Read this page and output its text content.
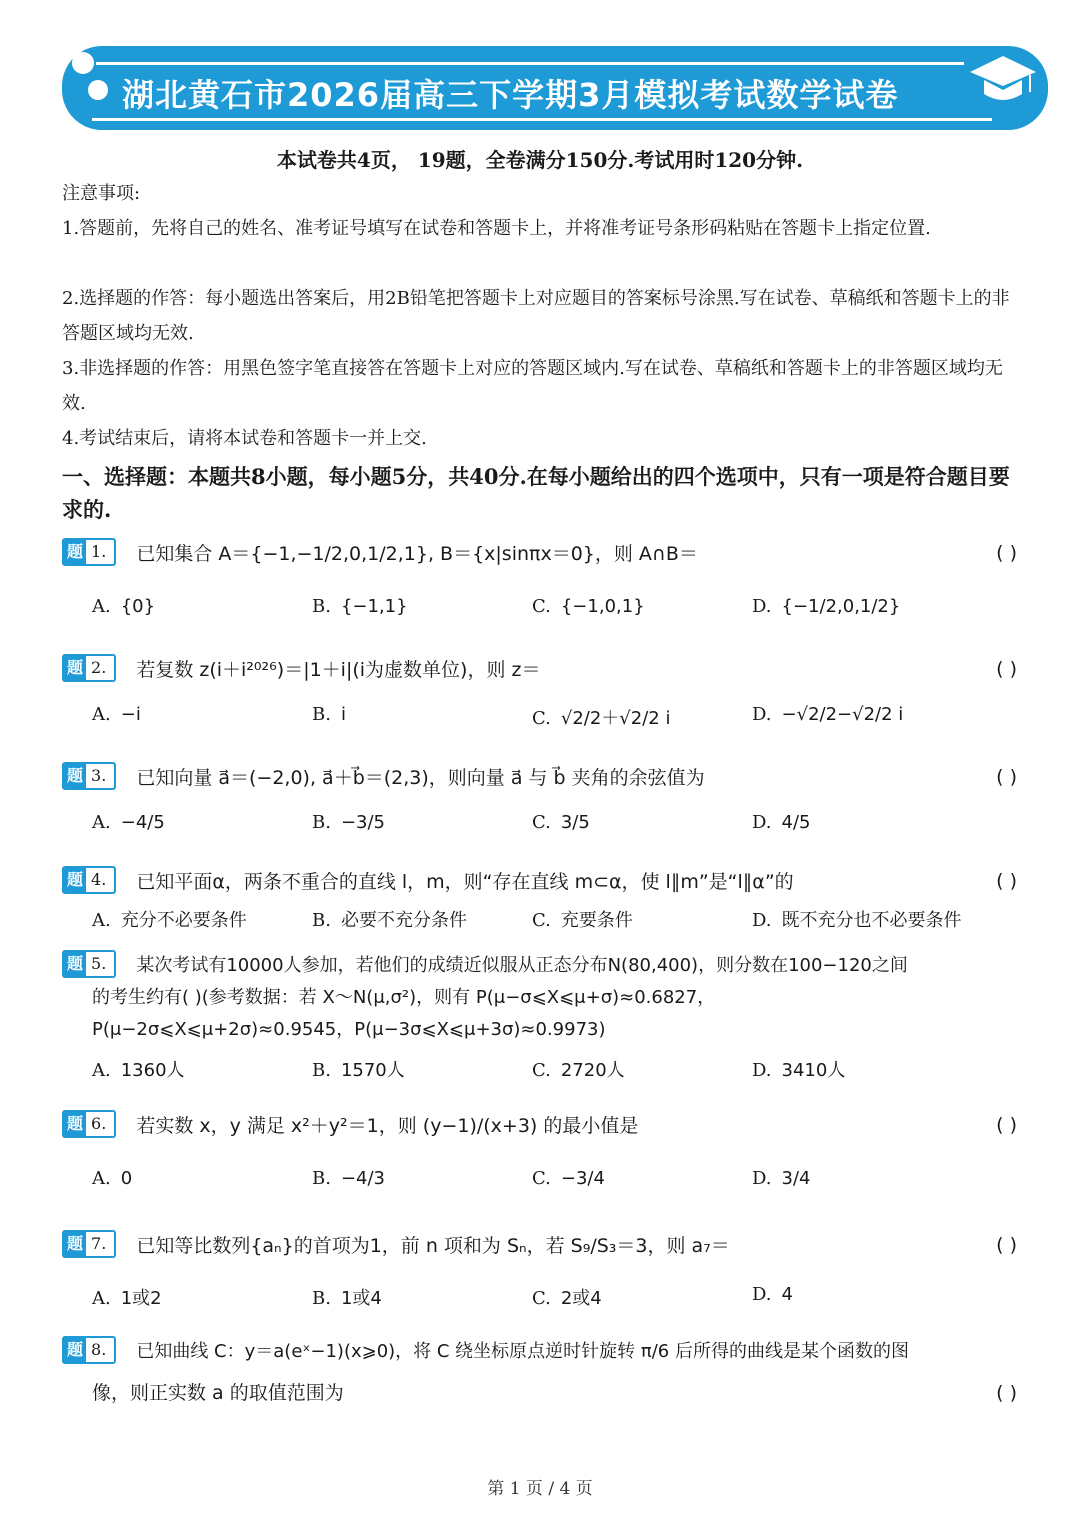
湖北黄石市2026届高三下学期3月模拟考试数学试卷
本试卷共4页， 19题，全卷满分150分.考试用时120分钟.
注意事项:
1.答题前，先将自己的姓名、准考证号填写在试卷和答题卡上，并将准考证号条形码粘贴在答题卡上指定位置.
2.选择题的作答：每小题选出答案后，用2B铅笔把答题卡上对应题目的答案标号涂黑.写在试卷、草稿纸和答题卡上的非答题区域均无效.
3.非选择题的作答：用黑色签字笔直接答在答题卡上对应的答题区域内.写在试卷、草稿纸和答题卡上的非答题区域均无效.
4.考试结束后，请将本试卷和答题卡一并上交.
一、选择题：本题共8小题，每小题5分，共40分.在每小题给出的四个选项中，只有一项是符合题目要求的.
题 1. 已知集合 A＝{−1,−1/2,0,1/2,1}, B＝{x|sinπx＝0}，则 A∩B＝	( )
A. {0}	B. {−1,1}	C. {−1,0,1}	D. {−1/2,0,1/2}
题 2. 若复数 z(i＋i²⁰²⁶)＝|1＋i|(i为虚数单位)，则 z＝	( )
A. −i	B. i	C. √2/2＋√2/2 i	D. −√2/2−√2/2 i
题 3. 已知向量 a⃗＝(−2,0), a⃗＋b⃗＝(2,3)，则向量 a⃗ 与 b⃗ 夹角的余弦值为	( )
A. −4/5	B. −3/5	C. 3/5	D. 4/5
题 4. 已知平面α，两条不重合的直线 l，m，则“存在直线 m⊂α，使 l∥m”是“l∥α”的	( )
A. 充分不必要条件	B. 必要不充分条件	C. 充要条件	D. 既不充分也不必要条件
题 5. 某次考试有10000人参加，若他们的成绩近似服从正态分布N(80,400)，则分数在100−120之间
的考生约有( )(参考数据：若 X～N(μ,σ²)，则有 P(μ−σ⩽X⩽μ+σ)≈0.6827，
P(μ−2σ⩽X⩽μ+2σ)≈0.9545，P(μ−3σ⩽X⩽μ+3σ)≈0.9973)
A. 1360人	B. 1570人	C. 2720人	D. 3410人
题 6. 若实数 x，y 满足 x²＋y²＝1，则 (y−1)/(x+3) 的最小值是	( )
A. 0	B. −4/3	C. −3/4	D. 3/4
题 7. 已知等比数列{aₙ}的首项为1，前 n 项和为 Sₙ，若 S₉/S₃＝3，则 a₇＝	( )
A. 1或2	B. 1或4	C. 2或4	D. 4
题 8. 已知曲线 C：y＝a(eˣ−1)(x⩾0)，将 C 绕坐标原点逆时针旋转 π/6 后所得的曲线是某个函数的图
像，则正实数 a 的取值范围为	( )
第 1 页 / 4 页
